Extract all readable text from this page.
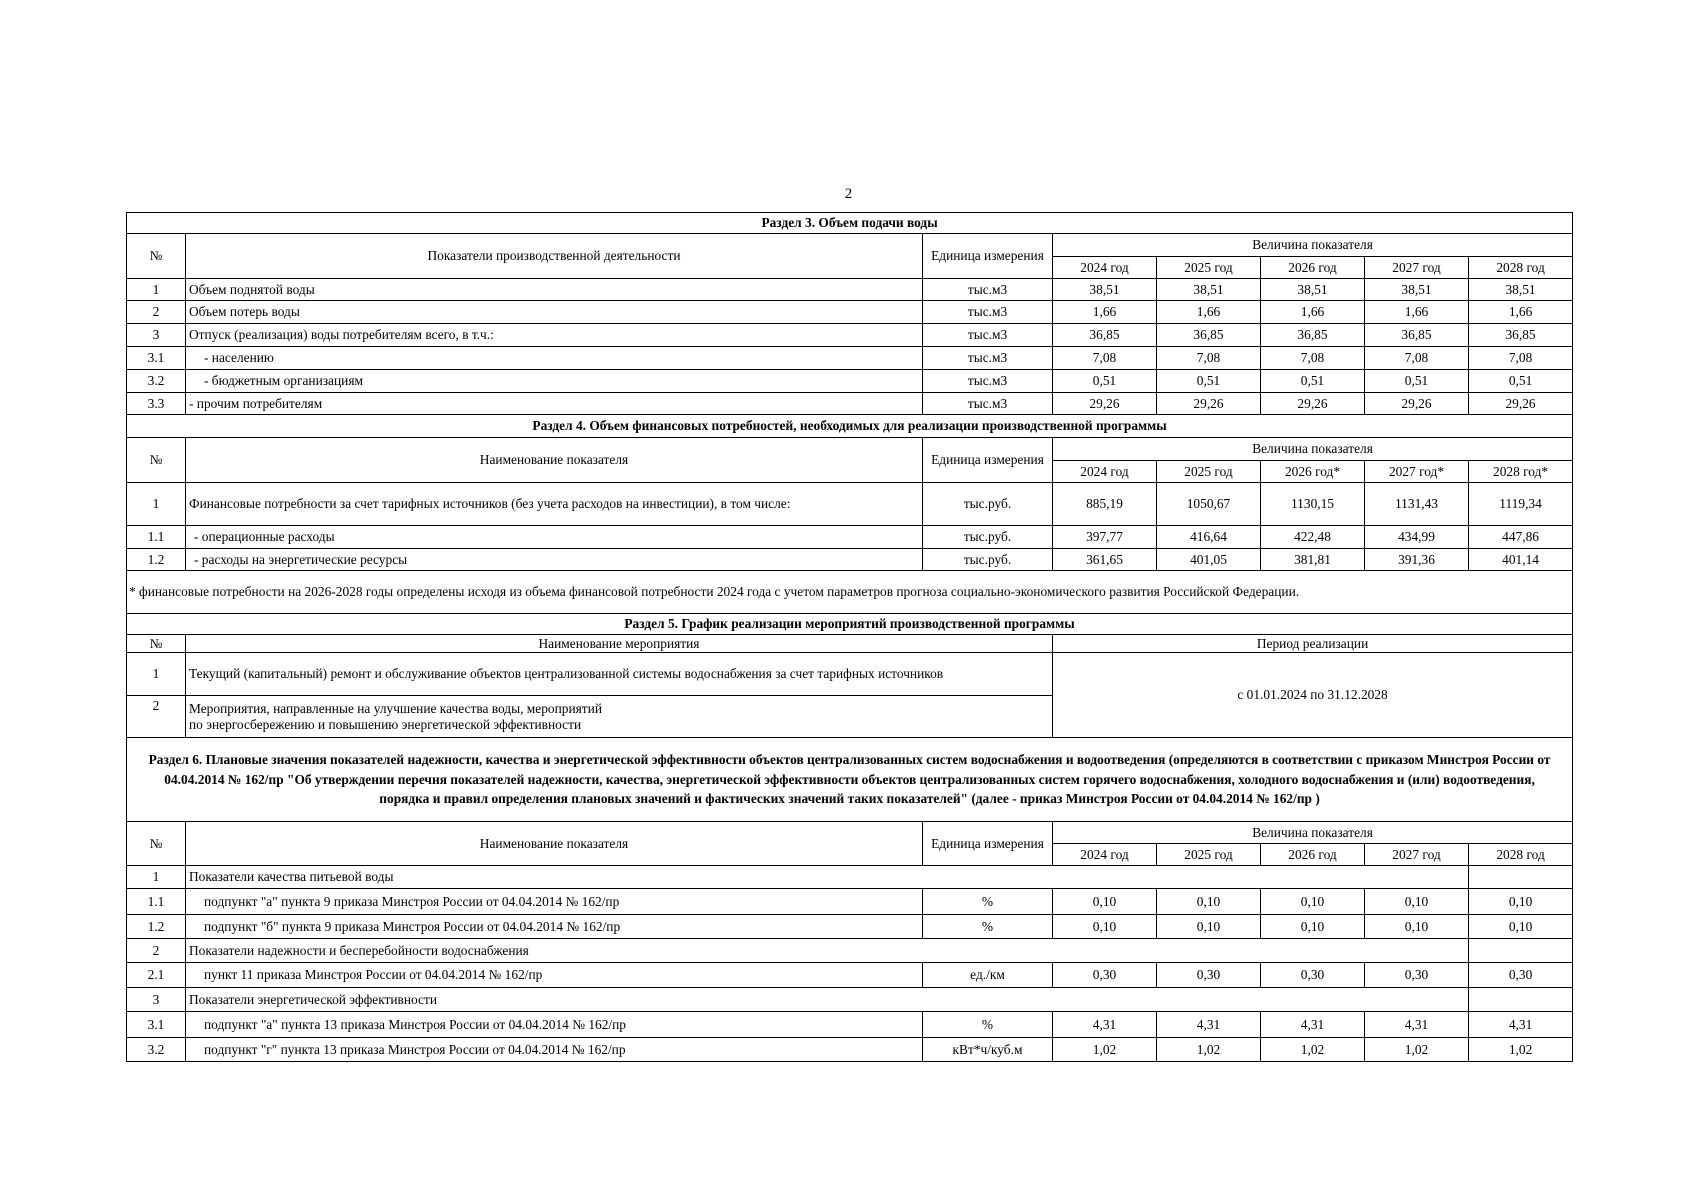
2
Раздел 3. Объем подачи воды							
№	Показатели производственной деятельности	Единица измерения	Величина показателя				
			2024 год	2025 год	2026 год	2027 год	2028 год
1	Объем поднятой воды	тыс.м3	38,51	38,51	38,51	38,51	38,51
2	Объем потерь воды	тыс.м3	1,66	1,66	1,66	1,66	1,66
3	Отпуск (реализация) воды потребителям всего, в т.ч.:	тыс.м3	36,85	36,85	36,85	36,85	36,85
3.1	- населению	тыс.м3	7,08	7,08	7,08	7,08	7,08
3.2	- бюджетным организациям	тыс.м3	0,51	0,51	0,51	0,51	0,51
3.3	- прочим потребителям	тыс.м3	29,26	29,26	29,26	29,26	29,26
Раздел 4. Объем финансовых потребностей, необходимых для реализации производственной программы							
№	Наименование показателя	Единица измерения	Величина показателя				
			2024 год	2025 год	2026 год*	2027 год*	2028 год*
1	Финансовые потребности за счет тарифных источников (без учета расходов на инвестиции), в том числе:	тыс.руб.	885,19	1050,67	1130,15	1131,43	1119,34
1.1	- операционные расходы	тыс.руб.	397,77	416,64	422,48	434,99	447,86
1.2	- расходы на энергетические ресурсы	тыс.руб.	361,65	401,05	381,81	391,36	401,14
* финансовые потребности на 2026-2028 годы определены исходя из объема финансовой потребности 2024 года с учетом параметров прогноза социально-экономического развития Российской Федерации.							
Раздел 5. График реализации мероприятий производственной программы							
№	Наименование мероприятия		Период реализации				
1	Текущий (капитальный) ремонт и обслуживание объектов централизованной системы водоснабжения за счет тарифных источников		с 01.01.2024 по 31.12.2028				
2	Мероприятия, направленные на улучшение качества воды, мероприятий
по энергосбережению и повышению энергетической эффективности						

Раздел 6. Плановые значения показателей надежности, качества и энергетической эффективности объектов централизованных систем водоснабжения и водоотведения (определяются в соответствии с приказом Минстроя России от 04.04.2014 № 162/пр "Об утверждении перечня показателей надежности, качества, энергетической эффективности объектов централизованных систем горячего водоснабжения, холодного водоснабжения и (или) водоотведения, порядка и правил определения плановых значений и фактических значений таких показателей" (далее - приказ Минстроя России от 04.04.2014 № 162/пр )							
№	Наименование показателя	Единица измерения	Величина показателя				
			2024 год	2025 год	2026 год	2027 год	2028 год
1	Показатели качества питьевой воды						
1.1	подпункт "а" пункта 9 приказа Минстроя России от 04.04.2014 № 162/пр	%	0,10	0,10	0,10	0,10	0,10
1.2	подпункт "б" пункта 9 приказа Минстроя России от 04.04.2014 № 162/пр	%	0,10	0,10	0,10	0,10	0,10
2	Показатели надежности и бесперебойности водоснабжения						
2.1	пункт 11 приказа Минстроя России от 04.04.2014 № 162/пр	ед./км	0,30	0,30	0,30	0,30	0,30
3	Показатели энергетической эффективности						
3.1	подпункт "а" пункта 13 приказа Минстроя России от 04.04.2014 № 162/пр	%	4,31	4,31	4,31	4,31	4,31
3.2	подпункт "г" пункта 13 приказа Минстроя России от 04.04.2014 № 162/пр	кВт*ч/куб.м	1,02	1,02	1,02	1,02	1,02
